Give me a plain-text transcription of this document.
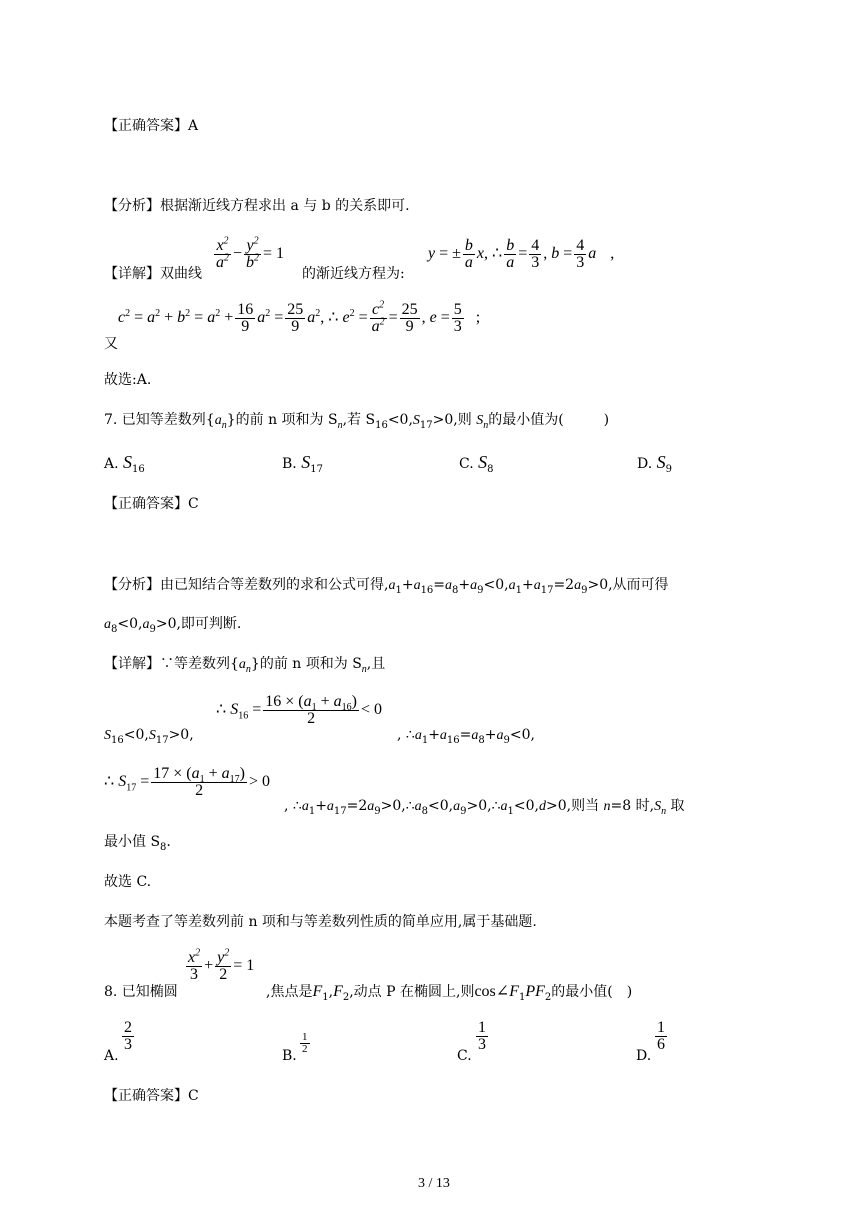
【正确答案】A
【分析】根据渐近线方程求出 a 与 b 的关系即可.
【详解】双曲线
$\frac{x^2}{a^2} - \frac{y^2}{b^2} = 1$
的渐近线方程为:
y = ± $\frac{b}{a} x$, ∴ $\frac{b}{a} = \frac{4}{3}$ , $b = \frac{4}{3}$ a ,
又
$c^2 = a^2 + b^2 = a^2 + \frac{16}{9} a^2 = \frac{25}{9} a^2$, ∴ $e^2 = \frac{c^2}{a^2} = \frac{25}{9}$ , $e = \frac{5}{3}$ ;
故选:A.
7. 已知等差数列$\{a_n\}$的前 n 项和为 $S_n$,若 $S_{16}<0,S_{17}>0$,则 $S_n$的最小值为(	)
A. $S_{16}$	B. $S_{17}$	C. $S_8$	D. $S_9$
【正确答案】C
【分析】由已知结合等差数列的求和公式可得$,a_1+a_{16}=a_8+a_9<0,a_1+a_{17}=2a_9>0$,从而可得
$a_8<0,a_9>0$,即可判断.
【详解】∵等差数列$\{a_n\}$的前 n 项和为 $S_n$,且
$S_{16}<0,S_{17}>0$,
∴ $S_{16} = \frac{16 \times (a_1 + a_{16})}{2} < 0$
, $\therefore a_1+a_{16}=a_8+a_9<0$,
∴ $S_{17} = \frac{17 \times (a_1 + a_{17})}{2} > 0$
, $\therefore a_1+a_{17}=2a_9>0,\therefore a_8<0,a_9>0,\therefore a_1<0,d>0$,则当 n=8 时$,S_n$ 取
最小值 $S_8$.
故选 C.
本题考查了等差数列前 n 项和与等差数列性质的简单应用,属于基础题.
8. 已知椭圆
$\frac{x^2}{3} + \frac{y^2}{2} = 1$
,焦点是$F_1,F_2$,动点 P 在椭圆上,则$\cos\angle F_1PF_2$的最小值( )
A.
$\frac{2}{3}$
B.
$\frac{1}{2}$
C.
$\frac{1}{3}$
D.
$\frac{1}{6}$
【正确答案】C
3 / 13
